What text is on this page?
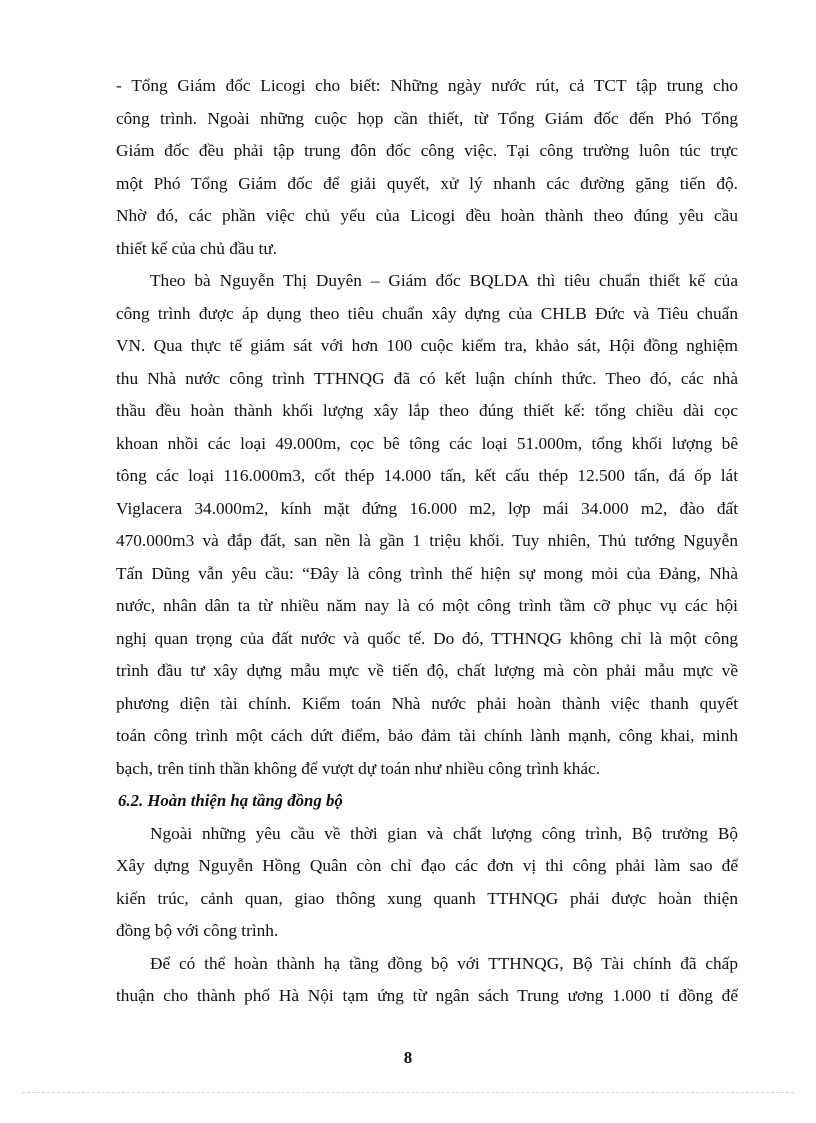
- Tổng Giám đốc Licogi cho biết: Những ngày nước rút, cả TCT tập trung cho
công trình. Ngoài những cuộc họp cần thiết, từ Tổng Giám đốc đến Phó Tổng
Giám đốc đều phải tập trung đôn đốc công việc. Tại công trường luôn túc trực
một Phó Tổng Giám đốc để giải quyết, xử lý nhanh các đường găng tiến độ.
Nhờ đó, các phần việc chủ yếu của Licogi đều hoàn thành theo đúng yêu cầu
thiết kế của chủ đầu tư.
Theo bà Nguyễn Thị Duyên – Giám đốc BQLDA thì tiêu chuẩn thiết kế của
công trình được áp dụng theo tiêu chuẩn xây dựng của CHLB Đức và Tiêu chuẩn
VN. Qua thực tế giám sát với hơn 100 cuộc kiểm tra, khảo sát, Hội đồng nghiệm
thu Nhà nước công trình TTHNQG đã có kết luận chính thức. Theo đó, các nhà
thầu đều hoàn thành khối lượng xây lắp theo đúng thiết kế: tổng chiều dài cọc
khoan nhồi các loại 49.000m, cọc bê tông các loại 51.000m, tổng khối lượng bê
tông các loại 116.000m3, cốt thép 14.000 tấn, kết cấu thép 12.500 tấn, đá ốp lát
Viglacera 34.000m2, kính mặt đứng 16.000 m2, lợp mái 34.000 m2, đào đất
470.000m3 và đắp đất, san nền là gần 1 triệu khối. Tuy nhiên, Thủ tướng Nguyễn
Tấn Dũng vẫn yêu cầu: “Đây là công trình thể hiện sự mong mỏi của Đảng, Nhà
nước, nhân dân ta từ nhiều năm nay là có một công trình tầm cỡ phục vụ các hội
nghị quan trọng của đất nước và quốc tế. Do đó, TTHNQG không chỉ là một công
trình đầu tư xây dựng mẫu mực về tiến độ, chất lượng mà còn phải mẫu mực về
phương diện tài chính. Kiểm toán Nhà nước phải hoàn thành việc thanh quyết
toán công trình một cách dứt điểm, bảo đảm tài chính lành mạnh, công khai, minh
bạch, trên tinh thần không để vượt dự toán như nhiều công trình khác.
6.2. Hoàn thiện hạ tầng đồng bộ
Ngoài những yêu cầu về thời gian và chất lượng công trình, Bộ trưởng Bộ
Xây dựng Nguyễn Hồng Quân còn chỉ đạo các đơn vị thi công phải làm sao để
kiến trúc, cảnh quan, giao thông xung quanh TTHNQG phải được hoàn thiện
đồng bộ với công trình.
Để có thể hoàn thành hạ tầng đồng bộ với TTHNQG, Bộ Tài chính đã chấp
thuận cho thành phố Hà Nội tạm ứng từ ngân sách Trung ương 1.000 tỉ đồng để
8
